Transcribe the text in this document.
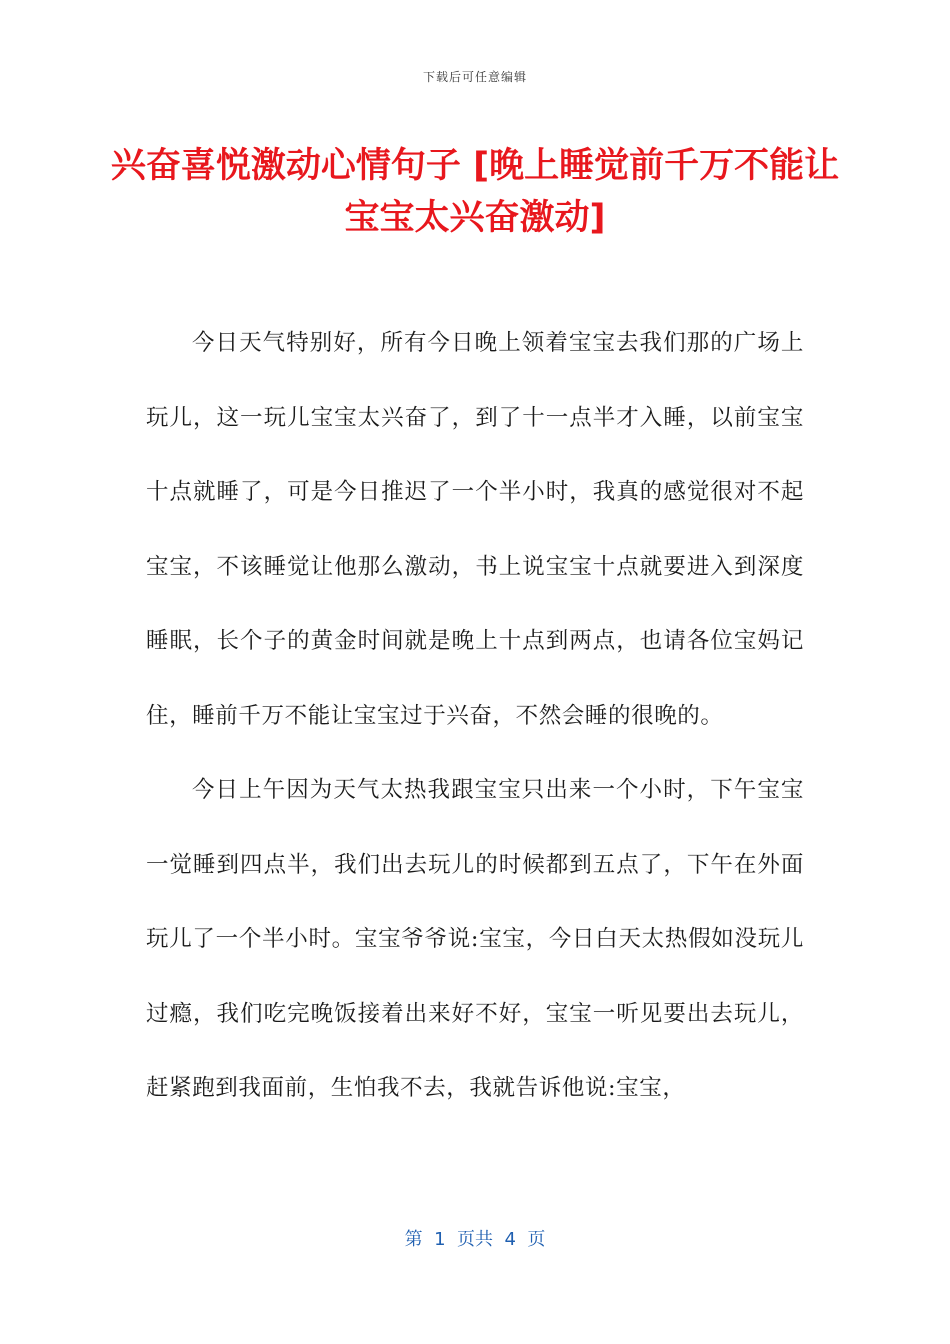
下载后可任意编辑
兴奋喜悦激动心情句子 [晚上睡觉前千万不能让宝宝太兴奋激动]

今日天气特别好，所有今日晚上领着宝宝去我们那的广场上玩儿，这一玩儿宝宝太兴奋了，到了十一点半才入睡，以前宝宝十点就睡了，可是今日推迟了一个半小时，我真的感觉很对不起宝宝，不该睡觉让他那么激动，书上说宝宝十点就要进入到深度睡眠，长个子的黄金时间就是晚上十点到两点，也请各位宝妈记住，睡前千万不能让宝宝过于兴奋，不然会睡的很晚的。

今日上午因为天气太热我跟宝宝只出来一个小时，下午宝宝一觉睡到四点半，我们出去玩儿的时候都到五点了，下午在外面玩儿了一个半小时。宝宝爷爷说:宝宝，今日白天太热假如没玩儿过瘾，我们吃完晚饭接着出来好不好，宝宝一听见要出去玩儿，赶紧跑到我面前，生怕我不去，我就告诉他说:宝宝，

第  1  页共  4  页
